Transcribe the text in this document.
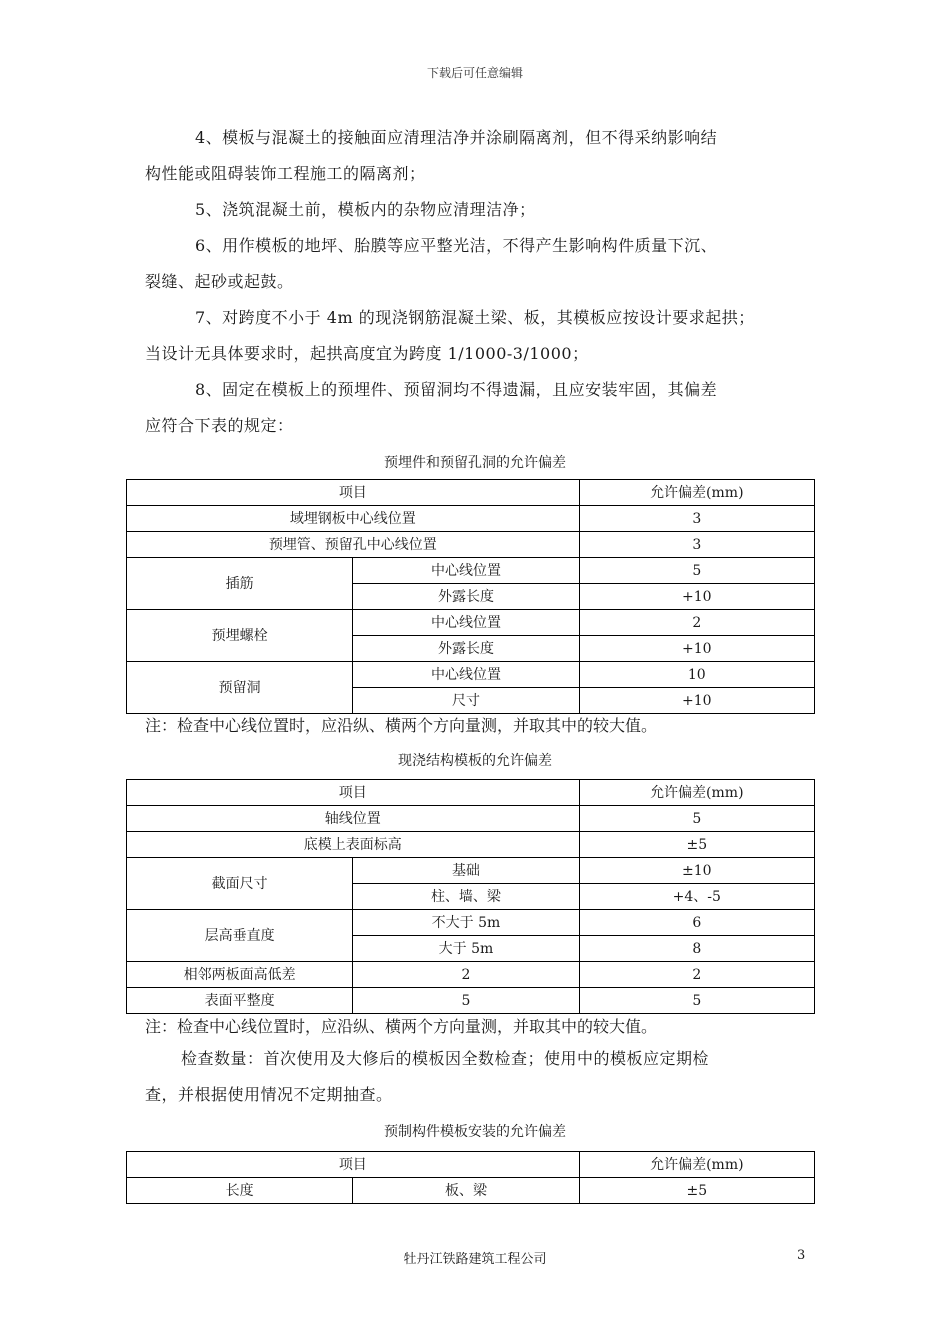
下载后可任意编辑
4、模板与混凝土的接触面应清理洁净并涂刷隔离剂，但不得采纳影响结
构性能或阻碍装饰工程施工的隔离剂；
5、浇筑混凝土前，模板内的杂物应清理洁净；
6、用作模板的地坪、胎膜等应平整光洁，不得产生影响构件质量下沉、
裂缝、起砂或起鼓。
7、对跨度不小于 4m 的现浇钢筋混凝土梁、板，其模板应按设计要求起拱；
当设计无具体要求时，起拱高度宜为跨度 1/1000-3/1000；
8、固定在模板上的预埋件、预留洞均不得遗漏，且应安装牢固，其偏差
应符合下表的规定：
预埋件和预留孔洞的允许偏差
项目		允许偏差(mm)
域埋钢板中心线位置		3
预埋管、预留孔中心线位置		3
插筋	中心线位置	5
	外露长度	+10
预埋螺栓	中心线位置	2
	外露长度	+10
预留洞	中心线位置	10
	尺寸	+10
注：检查中心线位置时，应沿纵、横两个方向量测，并取其中的较大值。
现浇结构模板的允许偏差
项目		允许偏差(mm)
轴线位置		5
底模上表面标高		±5
截面尺寸	基础	±10
	柱、墙、梁	+4、-5
层高垂直度	不大于 5m	6
	大于 5m	8
相邻两板面高低差	2	2
表面平整度	5	5
注：检查中心线位置时，应沿纵、横两个方向量测，并取其中的较大值。
检查数量：首次使用及大修后的模板因全数检查；使用中的模板应定期检
查，并根据使用情况不定期抽查。
预制构件模板安装的允许偏差
项目		允许偏差(mm)
长度	板、梁	±5
牡丹江铁路建筑工程公司	3
